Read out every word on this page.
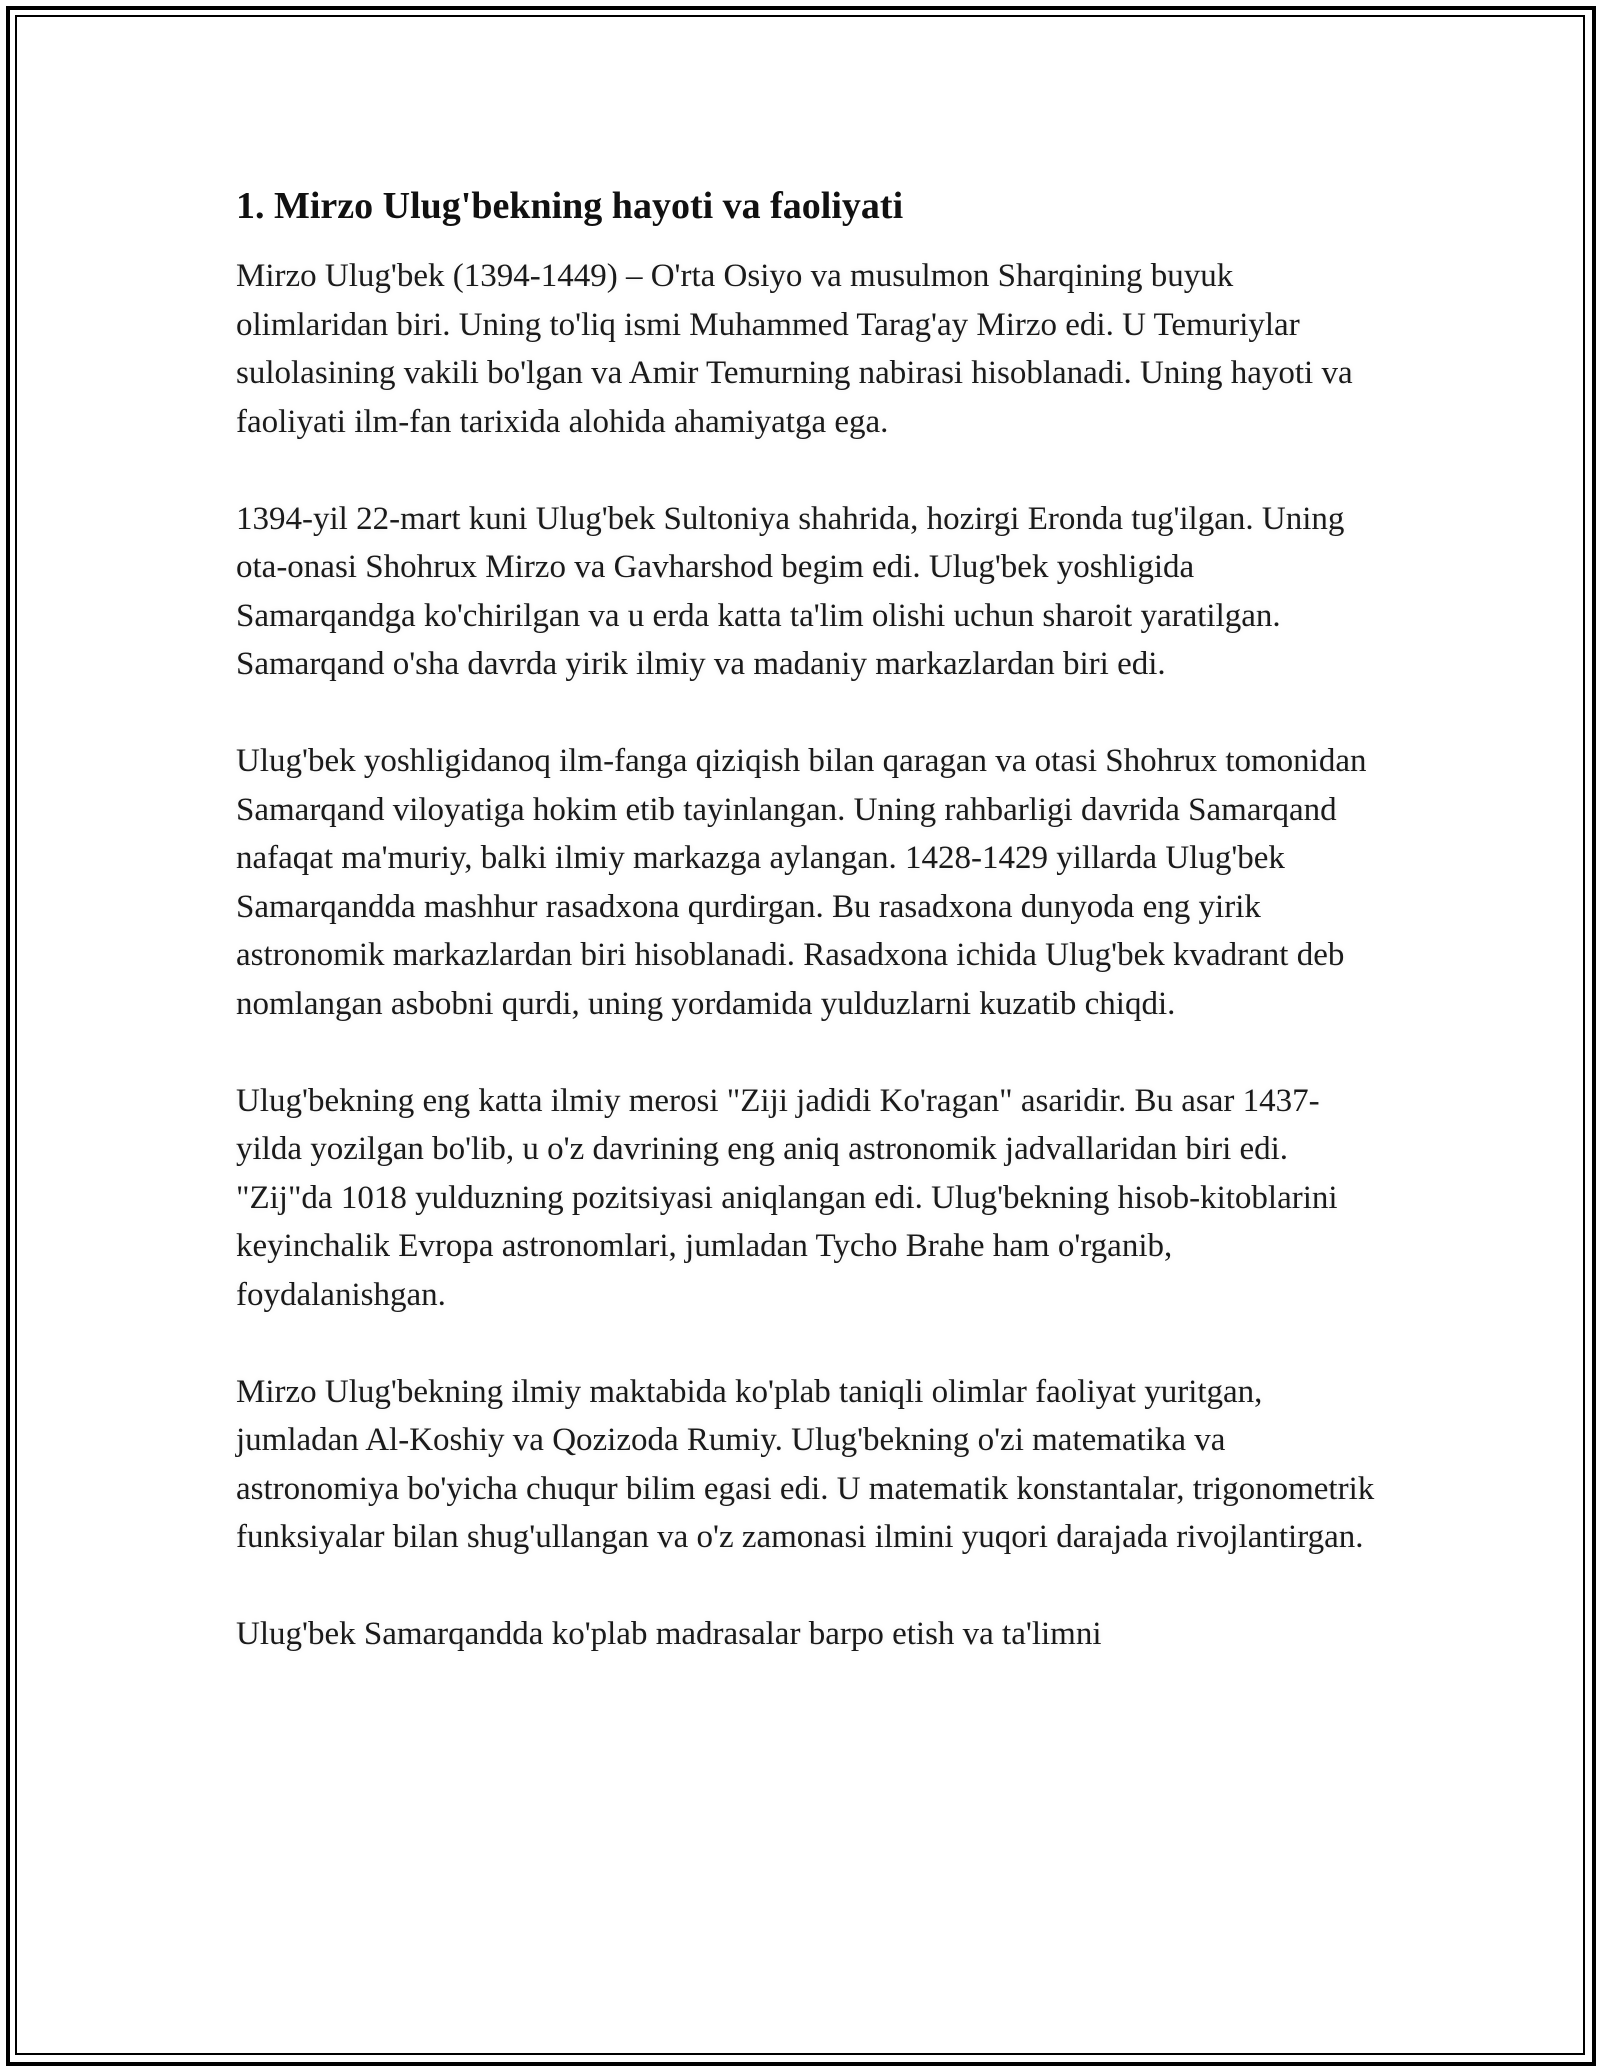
1. Mirzo Ulug'bekning hayoti va faoliyati

Mirzo Ulug'bek (1394-1449) – O'rta Osiyo va musulmon Sharqining buyuk olimlaridan biri. Uning to'liq ismi Muhammed Tarag'ay Mirzo edi. U Temuriylar sulolasining vakili bo'lgan va Amir Temurning nabirasi hisoblanadi. Uning hayoti va faoliyati ilm-fan tarixida alohida ahamiyatga ega.

1394-yil 22-mart kuni Ulug'bek Sultoniya shahrida, hozirgi Eronda tug'ilgan. Uning ota-onasi Shohrux Mirzo va Gavharshod begim edi. Ulug'bek yoshligida Samarqandga ko'chirilgan va u erda katta ta'lim olishi uchun sharoit yaratilgan. Samarqand o'sha davrda yirik ilmiy va madaniy markazlardan biri edi.

Ulug'bek yoshligidanoq ilm-fanga qiziqish bilan qaragan va otasi Shohrux tomonidan Samarqand viloyatiga hokim etib tayinlangan. Uning rahbarligi davrida Samarqand nafaqat ma'muriy, balki ilmiy markazga aylangan. 1428-1429 yillarda Ulug'bek Samarqandda mashhur rasadxona qurdirgan. Bu rasadxona dunyoda eng yirik astronomik markazlardan biri hisoblanadi. Rasadxona ichida Ulug'bek kvadrant deb nomlangan asbobni qurdi, uning yordamida yulduzlarni kuzatib chiqdi.

Ulug'bekning eng katta ilmiy merosi "Ziji jadidi Ko'ragan" asaridir. Bu asar 1437-yilda yozilgan bo'lib, u o'z davrining eng aniq astronomik jadvallaridan biri edi. "Zij"da 1018 yulduzning pozitsiyasi aniqlangan edi. Ulug'bekning hisob-kitoblarini keyinchalik Evropa astronomlari, jumladan Tycho Brahe ham o'rganib, foydalanishgan.

Mirzo Ulug'bekning ilmiy maktabida ko'plab taniqli olimlar faoliyat yuritgan, jumladan Al-Koshiy va Qozizoda Rumiy. Ulug'bekning o'zi matematika va astronomiya bo'yicha chuqur bilim egasi edi. U matematik konstantalar, trigonometrik funksiyalar bilan shug'ullangan va o'z zamonasi ilmini yuqori darajada rivojlantirgan.

Ulug'bek Samarqandda ko'plab madrasalar barpo etish va ta'limni
